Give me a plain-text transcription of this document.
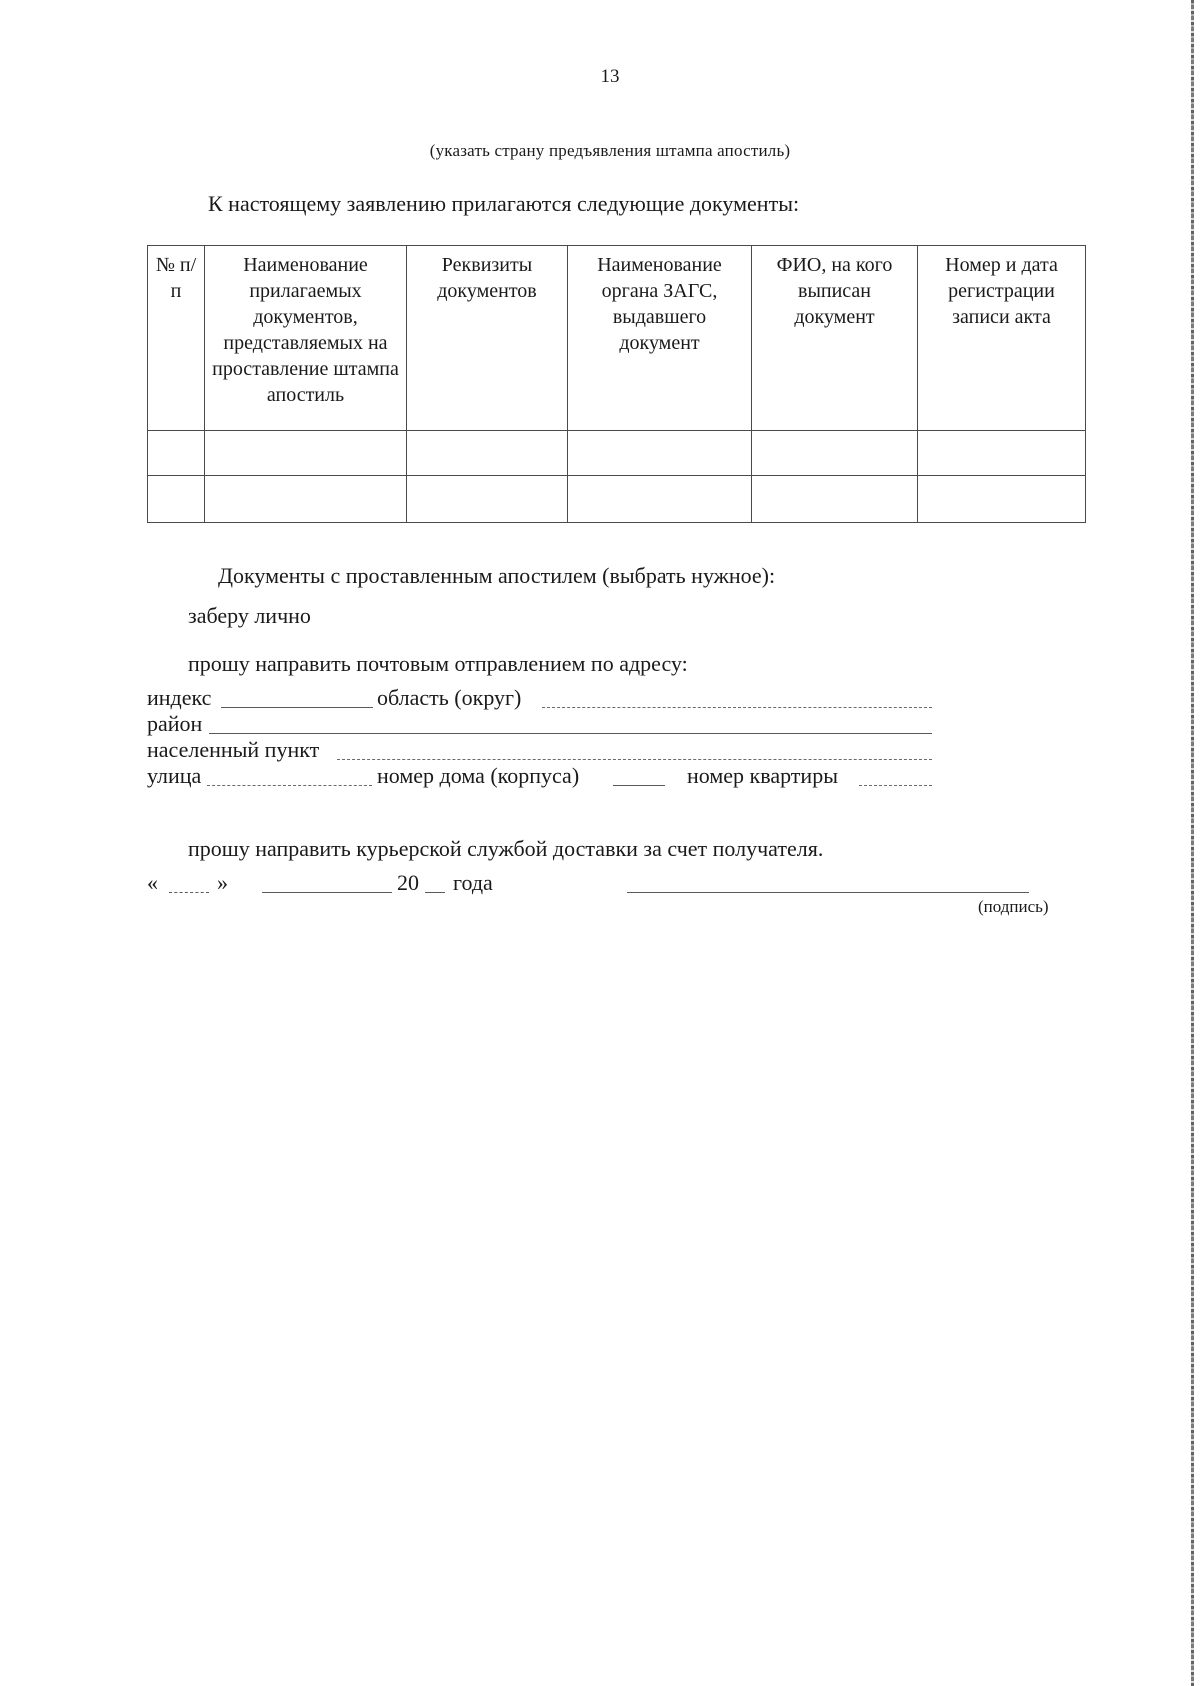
13
(указать страну предъявления штампа апостиль)
К настоящему заявлению прилагаются следующие документы:
№ п/п	Наименование прилагаемых документов, представляемых на проставление штампа апостиль	Реквизиты документов	Наименование органа ЗАГС, выдавшего документ	ФИО, на кого выписан документ	Номер и дата регистрации записи акта

Документы с проставленным апостилем (выбрать нужное):
заберу лично
прошу направить почтовым отправлением по адресу:
индекс	область (округ)
район
населенный пункт
улица	номер дома (корпуса)	номер квартиры
прошу направить курьерской службой доставки за счет получателя.
«	»	20 года
(подпись)
